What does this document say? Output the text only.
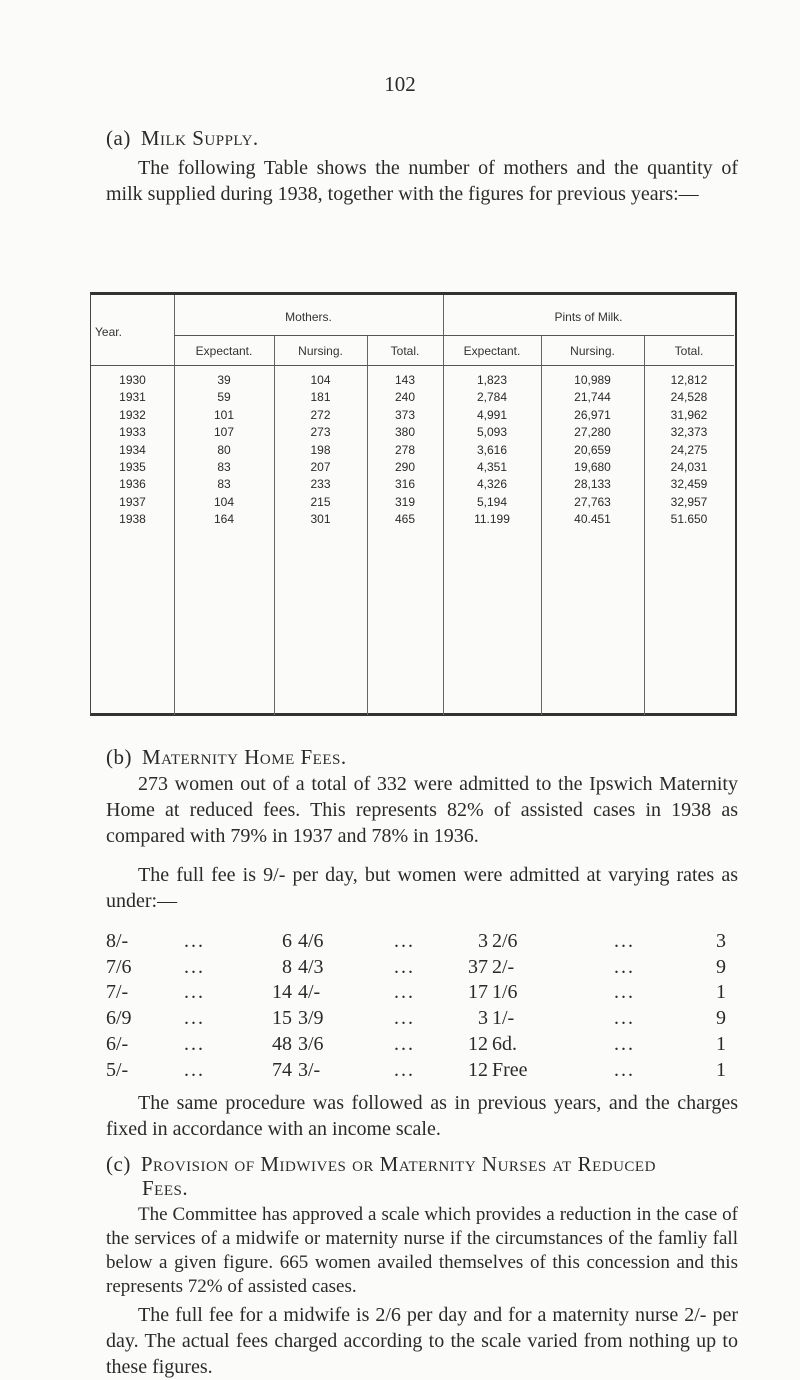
102
(a) Milk Supply.
The following Table shows the number of mothers and the quantity of milk supplied during 1938, together with the figures for previous years:—
Year.
Mothers.	Pints of Milk.
Expectant.	Nursing.	Total.	Expectant.	Nursing.	Total.
1930	39	104	143	1,823	10,989	12,812
1931	59	181	240	2,784	21,744	24,528
1932	101	272	373	4,991	26,971	31,962
1933	107	273	380	5,093	27,280	32,373
1934	80	198	278	3,616	20,659	24,275
1935	83	207	290	4,351	19,680	24,031
1936	83	233	316	4,326	28,133	32,459
1937	104	215	319	5,194	27,763	32,957
1938	164	301	465	11.199	40.451	51.650
(b) Maternity Home Fees.
273 women out of a total of 332 were admitted to the Ipswich Maternity Home at reduced fees. This represents 82% of assisted cases in 1938 as compared with 79% in 1937 and 78% in 1936.
The full fee is 9/- per day, but women were admitted at varying rates as under:—
8/-	...	6 4/6	...	3 2/6	...	3
7/6	...	8 4/3	...	37 2/-	...	9
7/-	...	14 4/-	...	17 1/6	...	1
6/9	...	15 3/9	...	3 1/-	...	9
6/-	...	48 3/6	...	12 6d.	...	1
5/-	...	74 3/-	...	12 Free	...	1
The same procedure was followed as in previous years, and the charges fixed in accordance with an income scale.
(c) Provision of Midwives or Maternity Nurses at Reduced
Fees.
The Committee has approved a scale which provides a reduction in the case of the services of a midwife or maternity nurse if the circumstances of the famliy fall below a given figure. 665 women availed themselves of this concession and this represents 72% of assisted cases.
The full fee for a midwife is 2/6 per day and for a maternity nurse 2/- per day. The actual fees charged according to the scale varied from nothing up to these figures.
